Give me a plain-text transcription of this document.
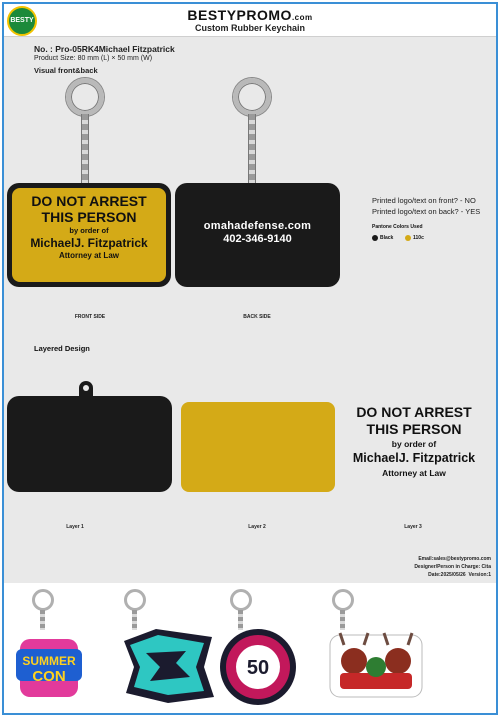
BESTY	BESTYPROMO.com
Custom Rubber Keychain
No. : Pro-05RK4Michael Fitzpatrick
Product Size: 80 mm (L) × 50 mm (W)
Visual front&back
DO NOT ARREST
THIS PERSON
by order of
MichaelJ. Fitzpatrick
Attorney at Law
omahadefense.com
402-346-9140
FRONT SIDE	BACK SIDE
Printed logo/text on front? - NO
Printed logo/text on back? - YES
Pantone Colors Used
Black	110c
Layered Design
DO NOT ARREST
THIS PERSON
by order of
MichaelJ. Fitzpatrick
Attorney at Law
Layer 1	Layer 2	Layer 3
Email:sales@bestypromo.com
Designer/Person in Charge: Cita
Date:2025/05/26 Version:1
SUMMER
CON	50
